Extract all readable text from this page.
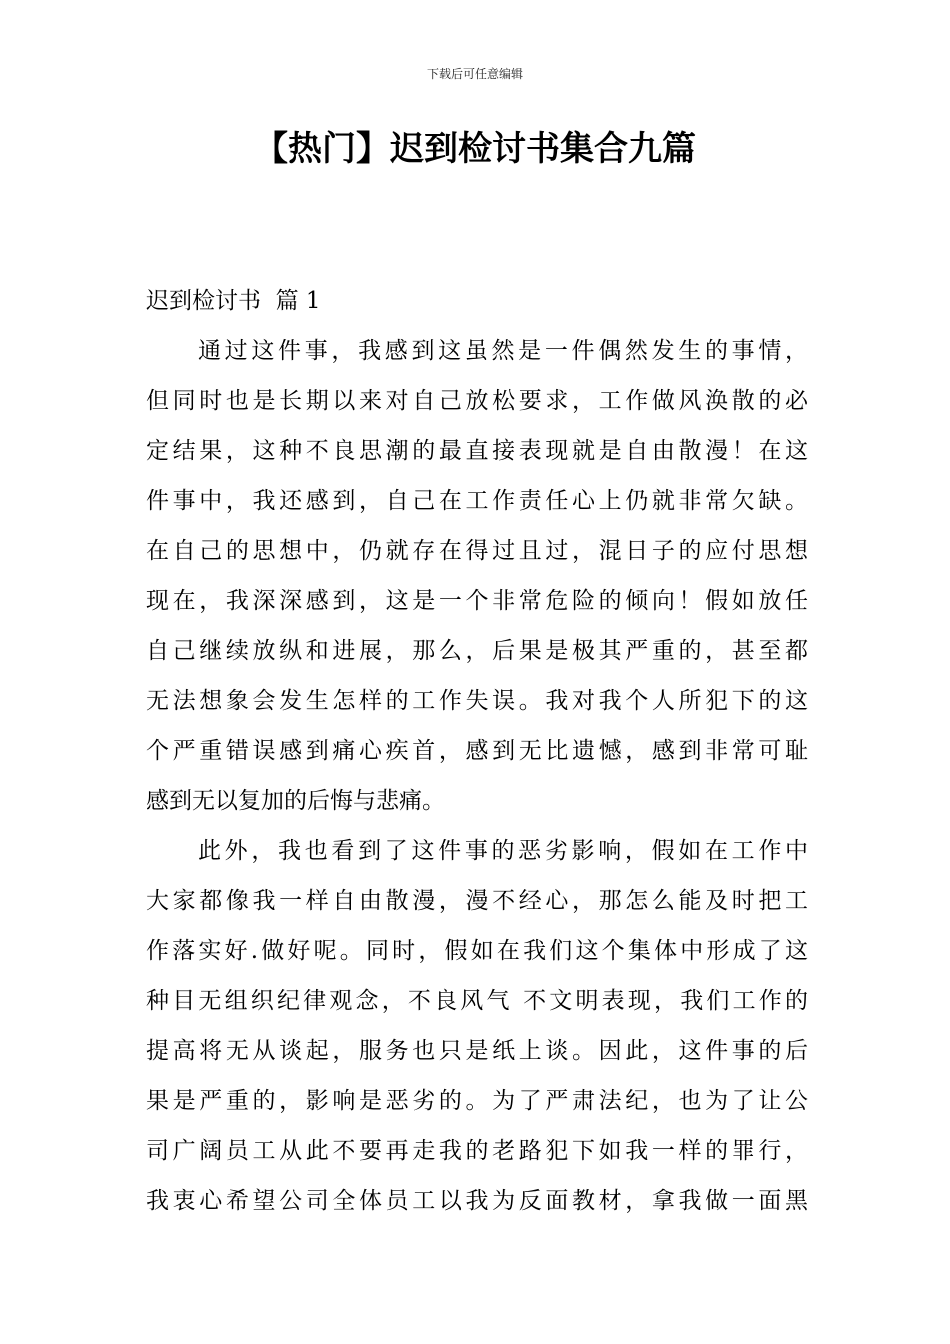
下载后可任意编辑
【热门】迟到检讨书集合九篇
迟到检讨书  篇 1
通过这件事，我感到这虽然是一件偶然发生的事情，
但同时也是长期以来对自己放松要求，工作做风涣散的必
定结果，这种不良思潮的最直接表现就是自由散漫！在这
件事中，我还感到，自己在工作责任心上仍就非常欠缺。
在自己的思想中，仍就存在得过且过，混日子的应付思想
现在，我深深感到，这是一个非常危险的倾向！假如放任
自己继续放纵和进展，那么，后果是极其严重的，甚至都
无法想象会发生怎样的工作失误。我对我个人所犯下的这
个严重错误感到痛心疾首，感到无比遗憾，感到非常可耻
感到无以复加的后悔与悲痛。
此外，我也看到了这件事的恶劣影响，假如在工作中
大家都像我一样自由散漫，漫不经心，那怎么能及时把工
作落实好.做好呢。同时，假如在我们这个集体中形成了这
种目无组织纪律观念，不良风气 不文明表现，我们工作的
提高将无从谈起，服务也只是纸上谈。因此，这件事的后
果是严重的，影响是恶劣的。为了严肃法纪，也为了让公
司广阔员工从此不要再走我的老路犯下如我一样的罪行，
我衷心希望公司全体员工以我为反面教材，拿我做一面黑
